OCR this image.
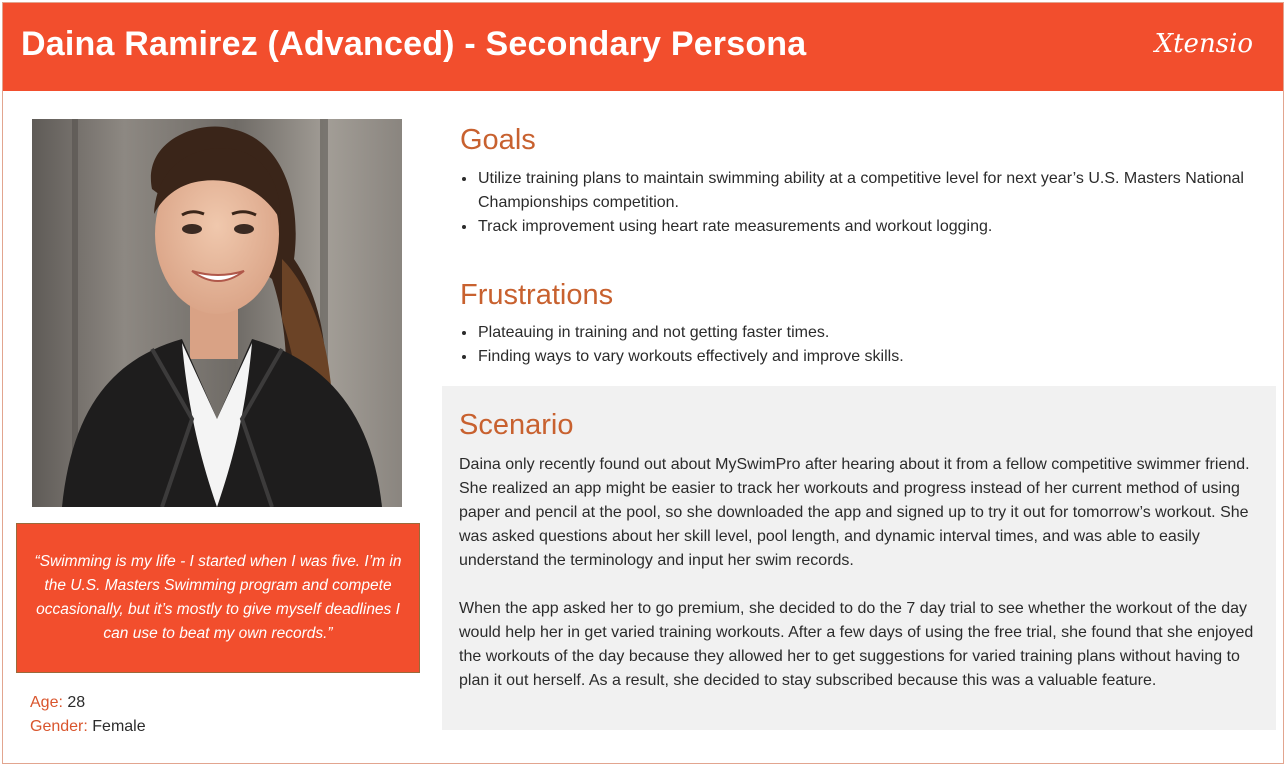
Daina Ramirez (Advanced) - Secondary Persona	Xtensio
“Swimming is my life - I started when I was five. I’m in the U.S. Masters Swimming program and compete occasionally, but it’s mostly to give myself deadlines I can use to beat my own records.”
Age: 28
Gender: Female
Goals
• Utilize training plans to maintain swimming ability at a competitive level for next year’s U.S. Masters National Championships competition.
• Track improvement using heart rate measurements and workout logging.
Frustrations
• Plateauing in training and not getting faster times.
• Finding ways to vary workouts effectively and improve skills.
Scenario

Daina only recently found out about MySwimPro after hearing about it from a fellow competitive swimmer friend. She realized an app might be easier to track her workouts and progress instead of her current method of using paper and pencil at the pool, so she downloaded the app and signed up to try it out for tomorrow’s workout. She was asked questions about her skill level, pool length, and dynamic interval times, and was able to easily understand the terminology and input her swim records.

When the app asked her to go premium, she decided to do the 7 day trial to see whether the workout of the day would help her in get varied training workouts. After a few days of using the free trial, she found that she enjoyed the workouts of the day because they allowed her to get suggestions for varied training plans without having to plan it out herself. As a result, she decided to stay subscribed because this was a valuable feature.
